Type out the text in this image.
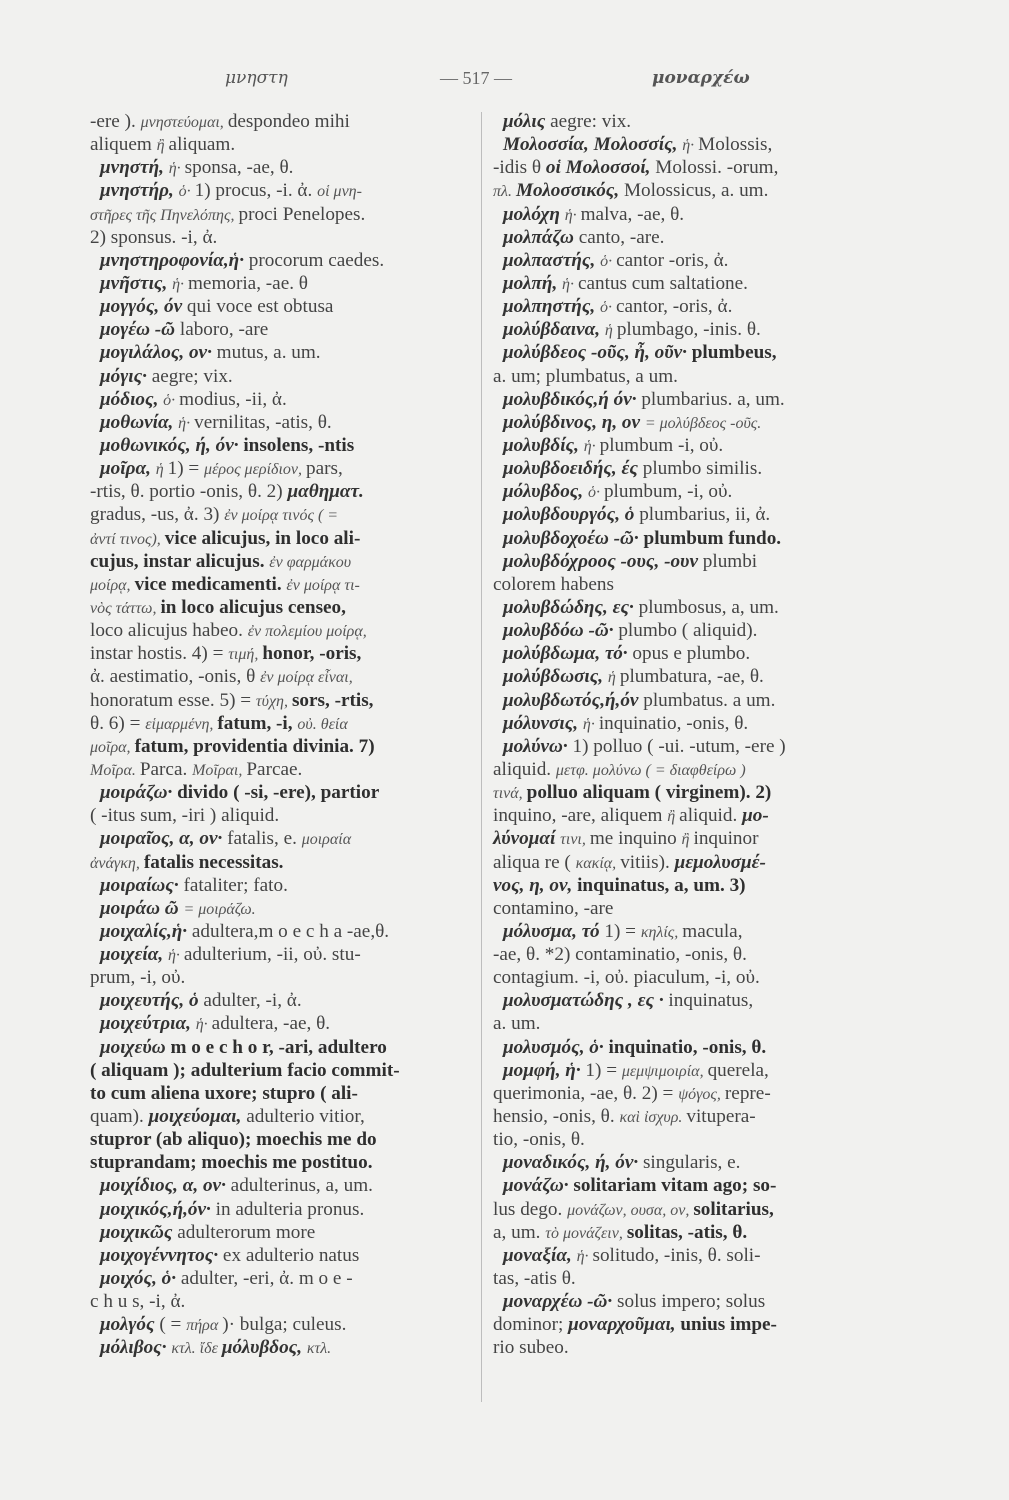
μνηστη	— 517 —	μοναρχέω
-ere ). μνηστεύομαι, despondeo mihi
aliquem ἢ aliquam.
μνηστή, ἡ· sponsa, -ae, θ.
μνηστήρ, ὁ· 1) procus, -i. ἀ. οἱ μνη-
στῆρες τῆς Πηνελόπης, proci Penelopes.
2) sponsus. -i, ἀ.
μνηστηροφονία,ἡ· procorum caedes.
μνῆστις, ἡ· memoria, -ae. θ
μογγός, όν qui voce est obtusa
μογέω -ῶ laboro, -are
μογιλάλος, ον· mutus, a. um.
μόγις· aegre; vix.
μόδιος, ὁ· modius, -ii, ἀ.
μοθωνία, ἡ· vernilitas, -atis, θ.
μοθωνικός, ή, όν· insolens, -ntis
μοῖρα, ἡ 1) = μέρος μερίδιον, pars,
-rtis, θ. portio -onis, θ. 2) μαθηματ.
gradus, -us, ἀ. 3) ἐν μοίρᾳ τινός ( =
ἀντί τινος), vice alicujus, in loco ali-
cujus, instar alicujus. ἐν φαρμάκου
μοίρᾳ, vice medicamenti. ἐν μοίρᾳ τι-
νὸς τάττω, in loco alicujus censeo,
loco alicujus habeo. ἐν πολεμίου μοίρᾳ,
instar hostis. 4) = τιμή, honor, -oris,
ἀ. aestimatio, -onis, θ ἐν μοίρᾳ εἶναι,
honoratum esse. 5) = τύχη, sors, -rtis,
θ. 6) = εἱμαρμένη, fatum, -i, οὐ. θεία
μοῖρα, fatum, providentia divinia. 7)
Μοῖρα. Parca. Μοῖραι, Parcae.
μοιράζω· divido ( -si, -ere), partior
( -itus sum, -iri ) aliquid.
μοιραῖος, α, ον· fatalis, e. μοιραία
ἀνάγκη, fatalis necessitas.
μοιραίως· fataliter; fato.
μοιράω ῶ = μοιράζω.
μοιχαλίς,ἡ· adultera,m o e c h a -ae,θ.
μοιχεία, ἡ· adulterium, -ii, οὐ. stu-
prum, -i, οὐ.
μοιχευτής, ὁ adulter, -i, ἀ.
μοιχεύτρια, ἡ· adultera, -ae, θ.
μοιχεύω m o e c h o r, -ari, adultero
( aliquam ); adulterium facio commit-
to cum aliena uxore; stupro ( ali-
quam). μοιχεύομαι, adulterio vitior,
stupror (ab aliquo); moechis me do
stuprandam; moechis me postituo.
μοιχίδιος, α, ον· adulterinus, a, um.
μοιχικός,ή,όν· in adulteria pronus.
μοιχικῶς adulterorum more
μοιχογέννητος· ex adulterio natus
μοιχός, ὁ· adulter, -eri, ἀ. m o e -
c h u s, -i, ἀ.
μολγός ( = πήρα )· bulga; culeus.
μόλιβος· κτλ. ἴδε μόλυβδος, κτλ.
μόλις aegre: vix.
Μολοσσία, Μολοσσίς, ἡ· Molossis,
-idis θ οἱ Μολοσσοί, Molossi. -orum,
πλ. Μολοσσικός, Molossicus, a. um.
μολόχη ἡ· malva, -ae, θ.
μολπάζω canto, -are.
μολπαστής, ὁ· cantor -oris, ἀ.
μολπή, ἡ· cantus cum saltatione.
μολπηστής, ὁ· cantor, -oris, ἀ.
μολύβδαινα, ἡ plumbago, -inis. θ.
μολύβδεος -οῦς, ἦ, οῦν· plumbeus,
a. um; plumbatus, a um.
μολυβδικός,ή όν· plumbarius. a, um.
μολύβδινος, η, ον = μολύβδεος -οῦς.
μολυβδίς, ἡ· plumbum -i, οὐ.
μολυβδοειδής, ές plumbo similis.
μόλυβδος, ὁ· plumbum, -i, οὐ.
μολυβδουργός, ὁ plumbarius, ii, ἀ.
μολυβδοχοέω -ῶ· plumbum fundo.
μολυβδόχροος -ους, -ουν plumbi
colorem habens
μολυβδώδης, ες· plumbosus, a, um.
μολυβδόω -ῶ· plumbo ( aliquid).
μολύβδωμα, τό· opus e plumbo.
μολύβδωσις, ἡ plumbatura, -ae, θ.
μολυβδωτός,ή,όν plumbatus. a um.
μόλυνσις, ἡ· inquinatio, -onis, θ.
μολύνω· 1) polluo ( -ui. -utum, -ere )
aliquid. μετφ. μολύνω ( = διαφθείρω )
τινά, polluo aliquam ( virginem). 2)
inquino, -are, aliquem ἢ aliquid. μο-
λύνομαί τινι, me inquino ἢ inquinor
aliqua re ( κακίᾳ, vitiis). μεμολυσμέ-
νος, η, ον, inquinatus, a, um. 3)
contamino, -are
μόλυσμα, τό 1) = κηλίς, macula,
-ae, θ. *2) contaminatio, -onis, θ.
contagium. -i, οὐ. piaculum, -i, οὐ.
μολυσματώδης , ες · inquinatus,
a. um.
μολυσμός, ὁ· inquinatio, -onis, θ.
μομφή, ἡ· 1) = μεμψιμοιρία, querela,
querimonia, -ae, θ. 2) = ψόγος, repre-
hensio, -onis, θ. καὶ ἰσχυρ. vitupera-
tio, -onis, θ.
μοναδικός, ή, όν· singularis, e.
μονάζω· solitariam vitam ago; so-
lus dego. μονάζων, ουσα, ον, solitarius,
a, um. τὸ μονάζειν, solitas, -atis, θ.
μοναξία, ἡ· solitudo, -inis, θ. soli-
tas, -atis θ.
μοναρχέω -ῶ· solus impero; solus
dominor; μοναρχοῦμαι, unius impe-
rio subeo.
